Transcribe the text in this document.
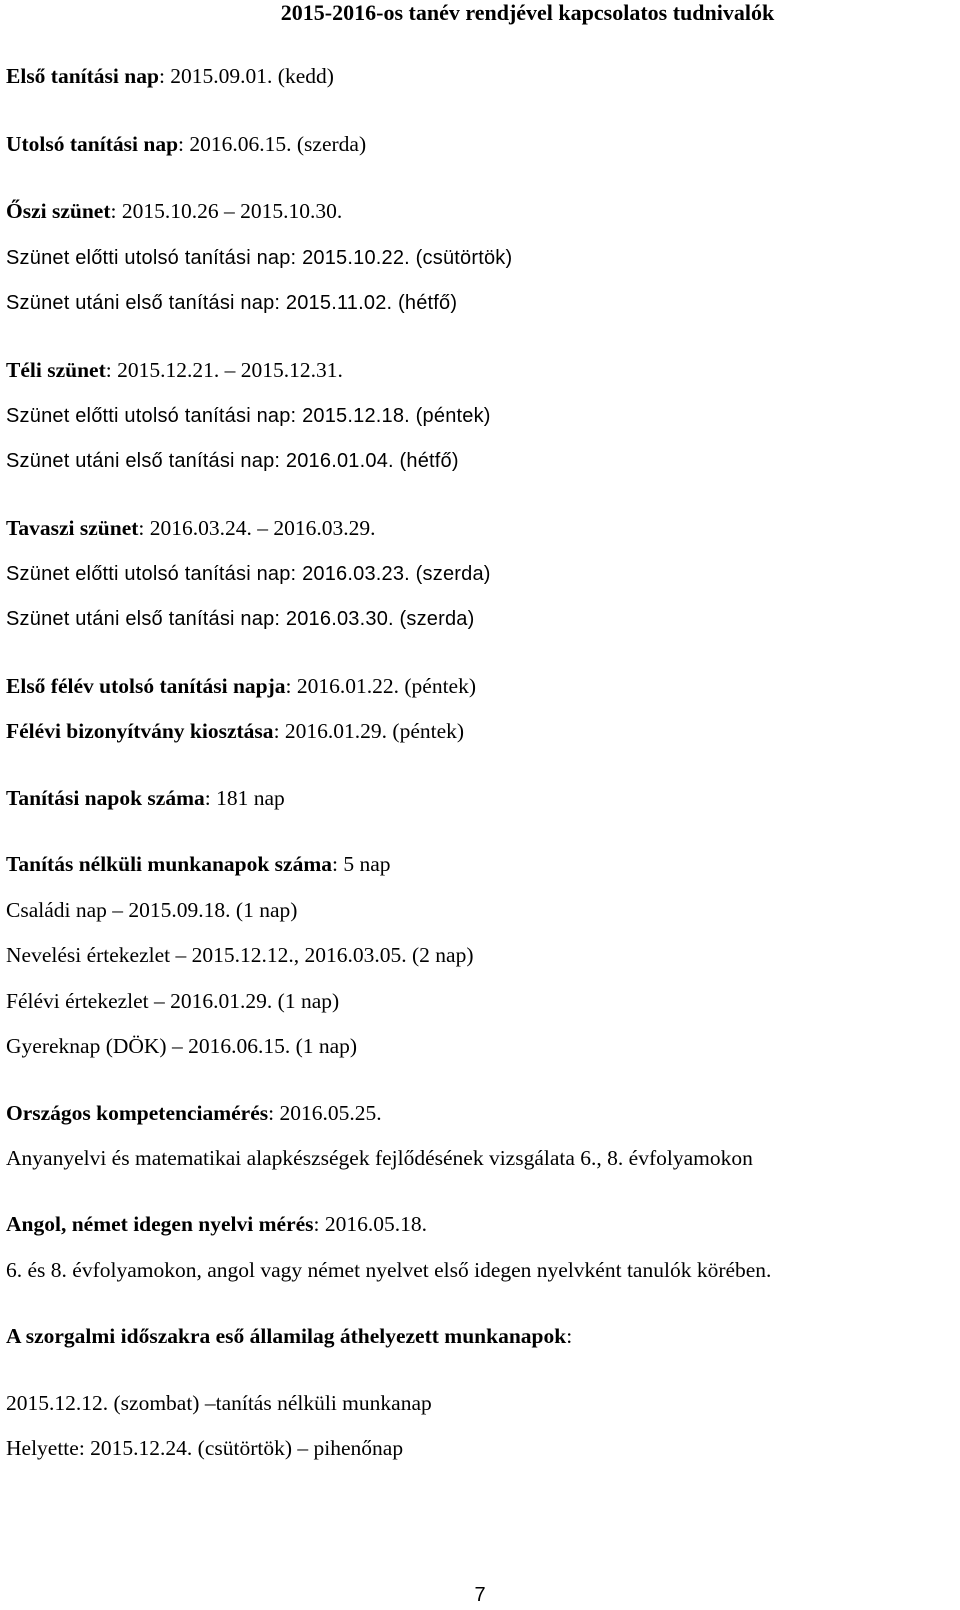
2015-2016-os tanév rendjével kapcsolatos tudnivalók
Első tanítási nap: 2015.09.01. (kedd)
Utolsó tanítási nap: 2016.06.15. (szerda)
Őszi szünet: 2015.10.26 – 2015.10.30.
Szünet előtti utolsó tanítási nap: 2015.10.22. (csütörtök)
Szünet utáni első tanítási nap: 2015.11.02. (hétfő)
Téli szünet: 2015.12.21. – 2015.12.31.
Szünet előtti utolsó tanítási nap: 2015.12.18. (péntek)
Szünet utáni első tanítási nap: 2016.01.04. (hétfő)
Tavaszi szünet: 2016.03.24. – 2016.03.29.
Szünet előtti utolsó tanítási nap: 2016.03.23. (szerda)
Szünet utáni első tanítási nap: 2016.03.30. (szerda)
Első félév utolsó tanítási napja: 2016.01.22. (péntek)
Félévi bizonyítvány kiosztása: 2016.01.29. (péntek)
Tanítási napok száma: 181 nap
Tanítás nélküli munkanapok száma: 5 nap
Családi nap – 2015.09.18. (1 nap)
Nevelési értekezlet – 2015.12.12., 2016.03.05. (2 nap)
Félévi értekezlet – 2016.01.29. (1 nap)
Gyereknap (DÖK) – 2016.06.15. (1 nap)
Országos kompetenciamérés: 2016.05.25.
Anyanyelvi és matematikai alapkészségek fejlődésének vizsgálata 6., 8. évfolyamokon
Angol, német idegen nyelvi mérés: 2016.05.18.
6. és 8. évfolyamokon, angol vagy német nyelvet első idegen nyelvként tanulók körében.
A szorgalmi időszakra eső államilag áthelyezett munkanapok:
2015.12.12. (szombat) –tanítás nélküli munkanap
Helyette: 2015.12.24. (csütörtök) – pihenőnap
7
